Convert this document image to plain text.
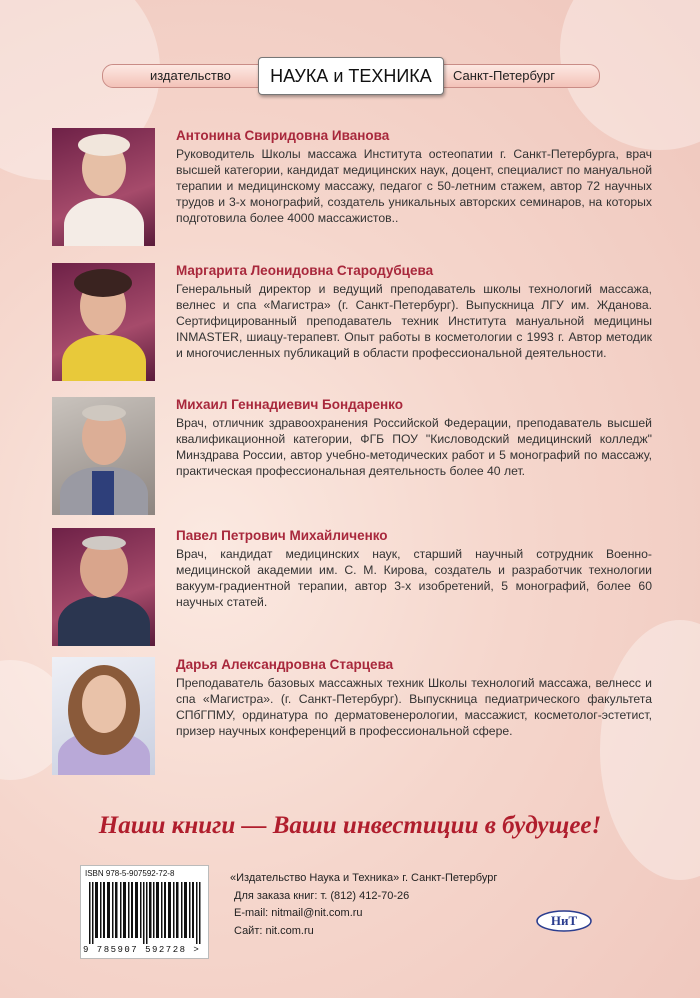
издательство	НАУКА и ТЕХНИКА	Санкт-Петербург
Антонина Свиридовна Иванова
Руководитель Школы массажа Института остеопатии г. Санкт-Петербурга, врач высшей категории, кандидат медицинских наук, доцент, специалист по мануальной терапии и медицинскому массажу, педагог с 50-летним стажем, автор 72 научных трудов и 3-х монографий, создатель уникальных авторских семинаров, на которых подготовила более 4000 массажистов..
Маргарита Леонидовна Стародубцева
Генеральный директор и ведущий преподаватель школы технологий массажа, велнес и спа «Магистра» (г. Санкт-Петербург). Выпускница ЛГУ им. Жданова. Сертифицированный преподаватель техник Института мануальной медицины INMASTER, шиацу-терапевт. Опыт работы в косметологии с 1993 г. Автор методик и многочисленных публикаций в области профессиональной деятельности.
Михаил Геннадиевич Бондаренко
Врач, отличник здравоохранения Российской Федерации, преподаватель высшей квалификационной категории, ФГБ ПОУ "Кисловодский медицинский колледж" Минздрава России, автор учебно-методических работ и 5 монографий по массажу, практическая профессиональная деятельность более 40 лет.
Павел Петрович Михайличенко
Врач, кандидат медицинских наук, старший научный сотрудник Военно-медицинской академии им. С. М. Кирова, создатель и разработчик технологии вакуум-градиентной терапии, автор 3-х изобретений, 5 монографий, более 60 научных статей.
Дарья Александровна Старцева
Преподаватель базовых массажных техник Школы технологий массажа, велнесс и спа «Магистра». (г. Санкт-Петербург). Выпускница педиатрического факультета СПбГПМУ, ординатура по дерматовенерологии, массажист, косметолог-эстетист, призер научных конференций в профессиональной сфере.
Наши книги — Ваши инвестиции в будущее!
ISBN 978-5-907592-72-8
9 785907 592728 >
«Издательство Наука и Техника» г. Санкт-Петербург
Для заказа книг: т. (812) 412-70-26
E-mail: nitmail@nit.com.ru
Сайт: nit.com.ru
НиТ
